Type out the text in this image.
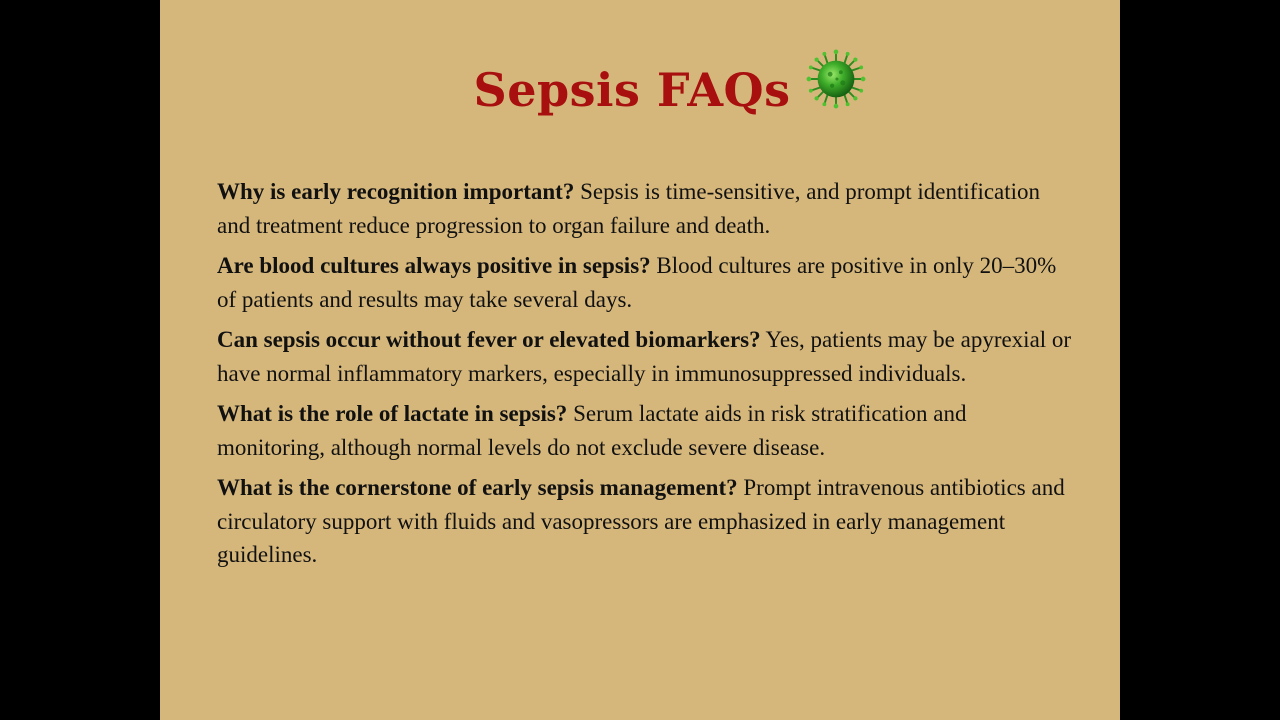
Sepsis FAQs

Why is early recognition important? Sepsis is time-sensitive, and prompt identification and treatment reduce progression to organ failure and death.

Are blood cultures always positive in sepsis? Blood cultures are positive in only 20–30% of patients and results may take several days.

Can sepsis occur without fever or elevated biomarkers? Yes, patients may be apyrexial or have normal inflammatory markers, especially in immunosuppressed individuals.

What is the role of lactate in sepsis? Serum lactate aids in risk stratification and monitoring, although normal levels do not exclude severe disease.

What is the cornerstone of early sepsis management? Prompt intravenous antibiotics and circulatory support with fluids and vasopressors are emphasized in early management guidelines.
